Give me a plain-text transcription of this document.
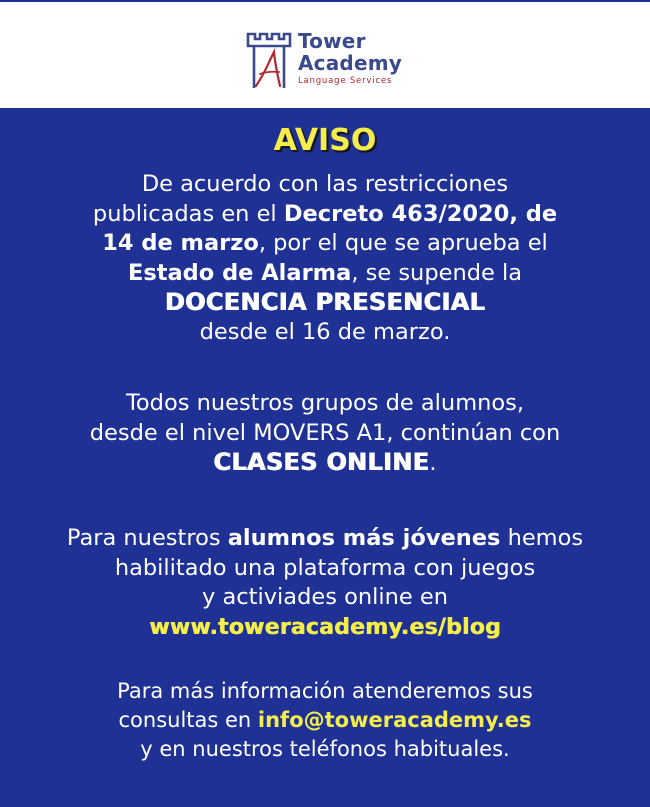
Tower
Academy
Language Services
AVISO

De acuerdo con las restricciones
publicadas en el Decreto 463/2020, de
14 de marzo, por el que se aprueba el
Estado de Alarma, se supende la
DOCENCIA PRESENCIAL
desde el 16 de marzo.

Todos nuestros grupos de alumnos,
desde el nivel MOVERS A1, continúan con
CLASES ONLINE.

Para nuestros alumnos más jóvenes hemos
habilitado una plataforma con juegos
y activiades online en
www.toweracademy.es/blog

Para más información atenderemos sus
consultas en info@toweracademy.es
y en nuestros teléfonos habituales.
